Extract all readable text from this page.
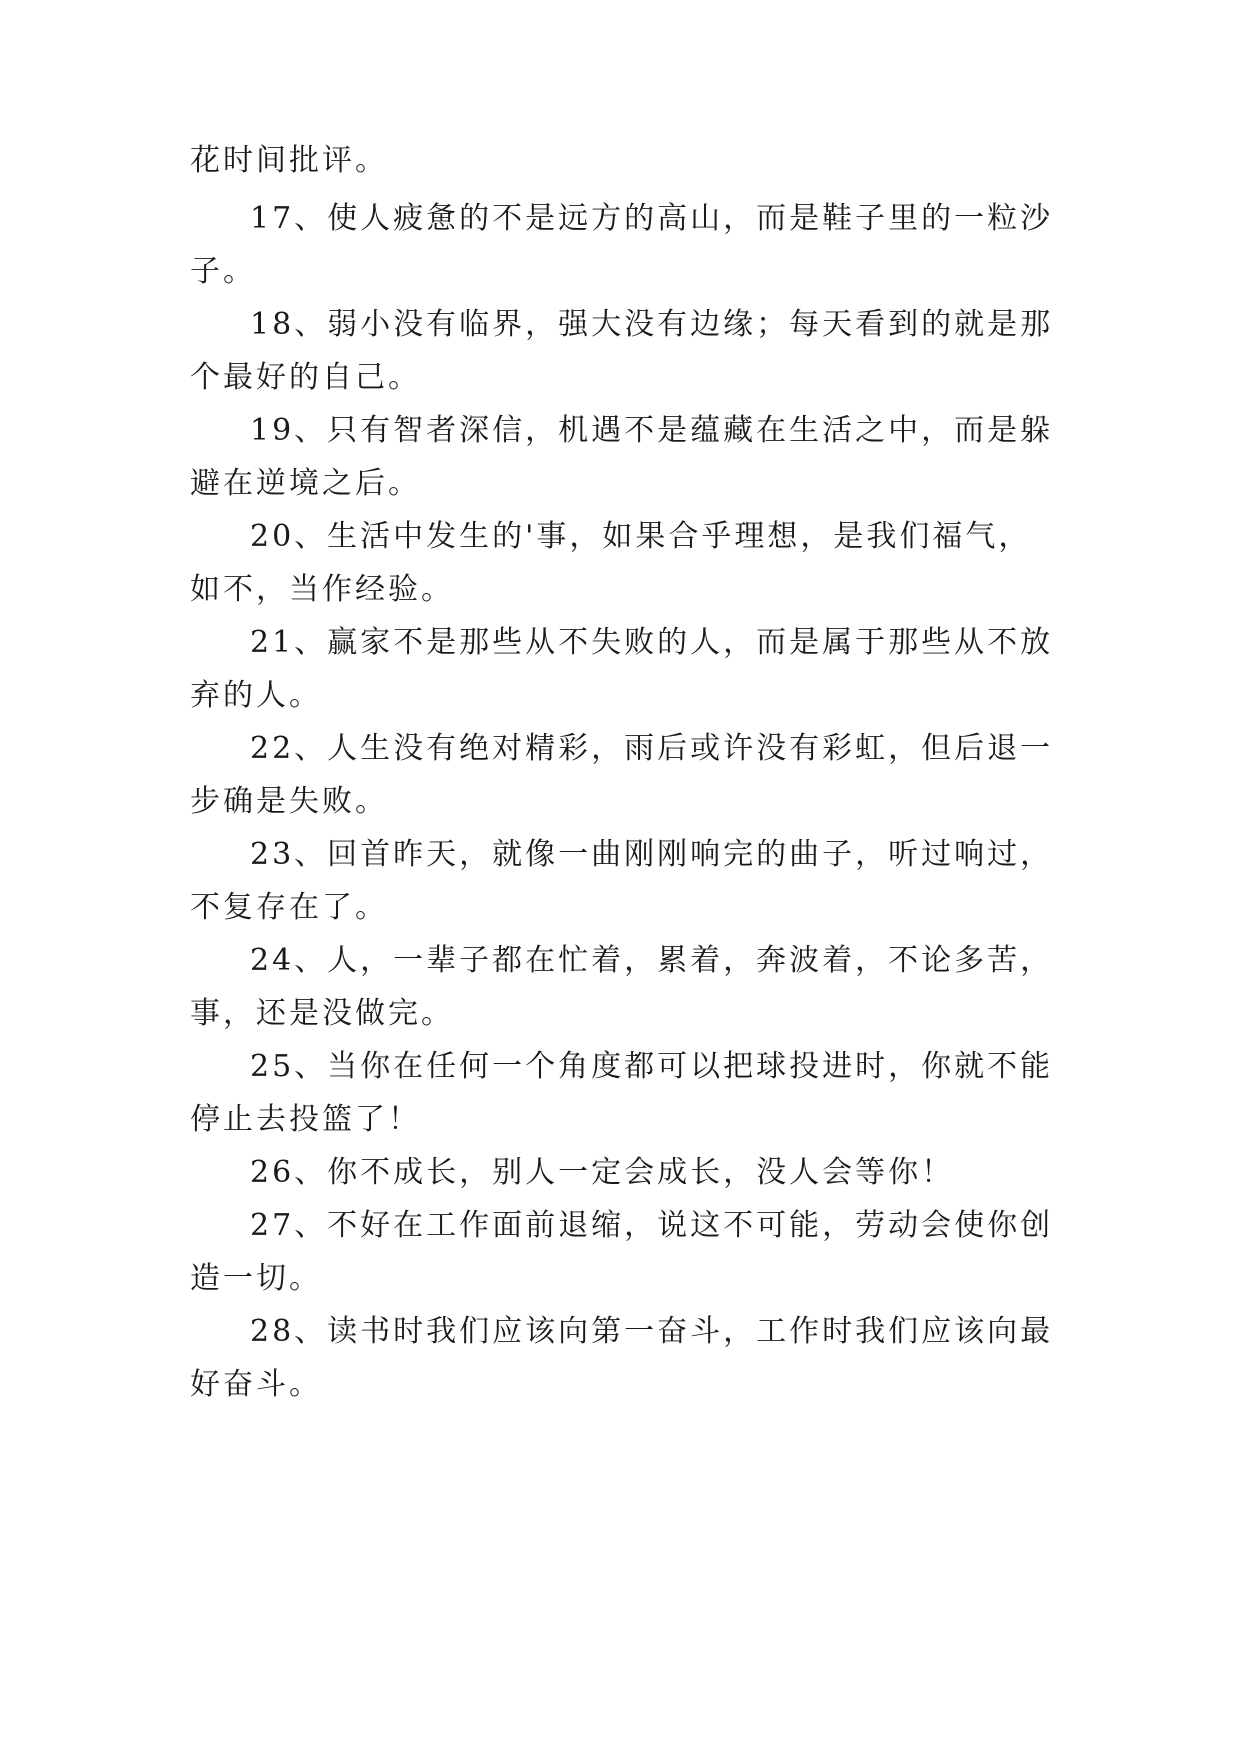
花时间批评。
17、使人疲惫的不是远方的高山，而是鞋子里的一粒沙
子。
18、弱小没有临界，强大没有边缘；每天看到的就是那
个最好的自己。
19、只有智者深信，机遇不是蕴藏在生活之中，而是躲
避在逆境之后。
20、生活中发生的'事，如果合乎理想，是我们福气，
如不，当作经验。
21、赢家不是那些从不失败的人，而是属于那些从不放
弃的人。
22、人生没有绝对精彩，雨后或许没有彩虹，但后退一
步确是失败。
23、回首昨天，就像一曲刚刚响完的曲子，听过响过，
不复存在了。
24、人，一辈子都在忙着，累着，奔波着，不论多苦，
事，还是没做完。
25、当你在任何一个角度都可以把球投进时，你就不能
停止去投篮了！
26、你不成长，别人一定会成长，没人会等你！
27、不好在工作面前退缩，说这不可能，劳动会使你创
造一切。
28、读书时我们应该向第一奋斗，工作时我们应该向最
好奋斗。
